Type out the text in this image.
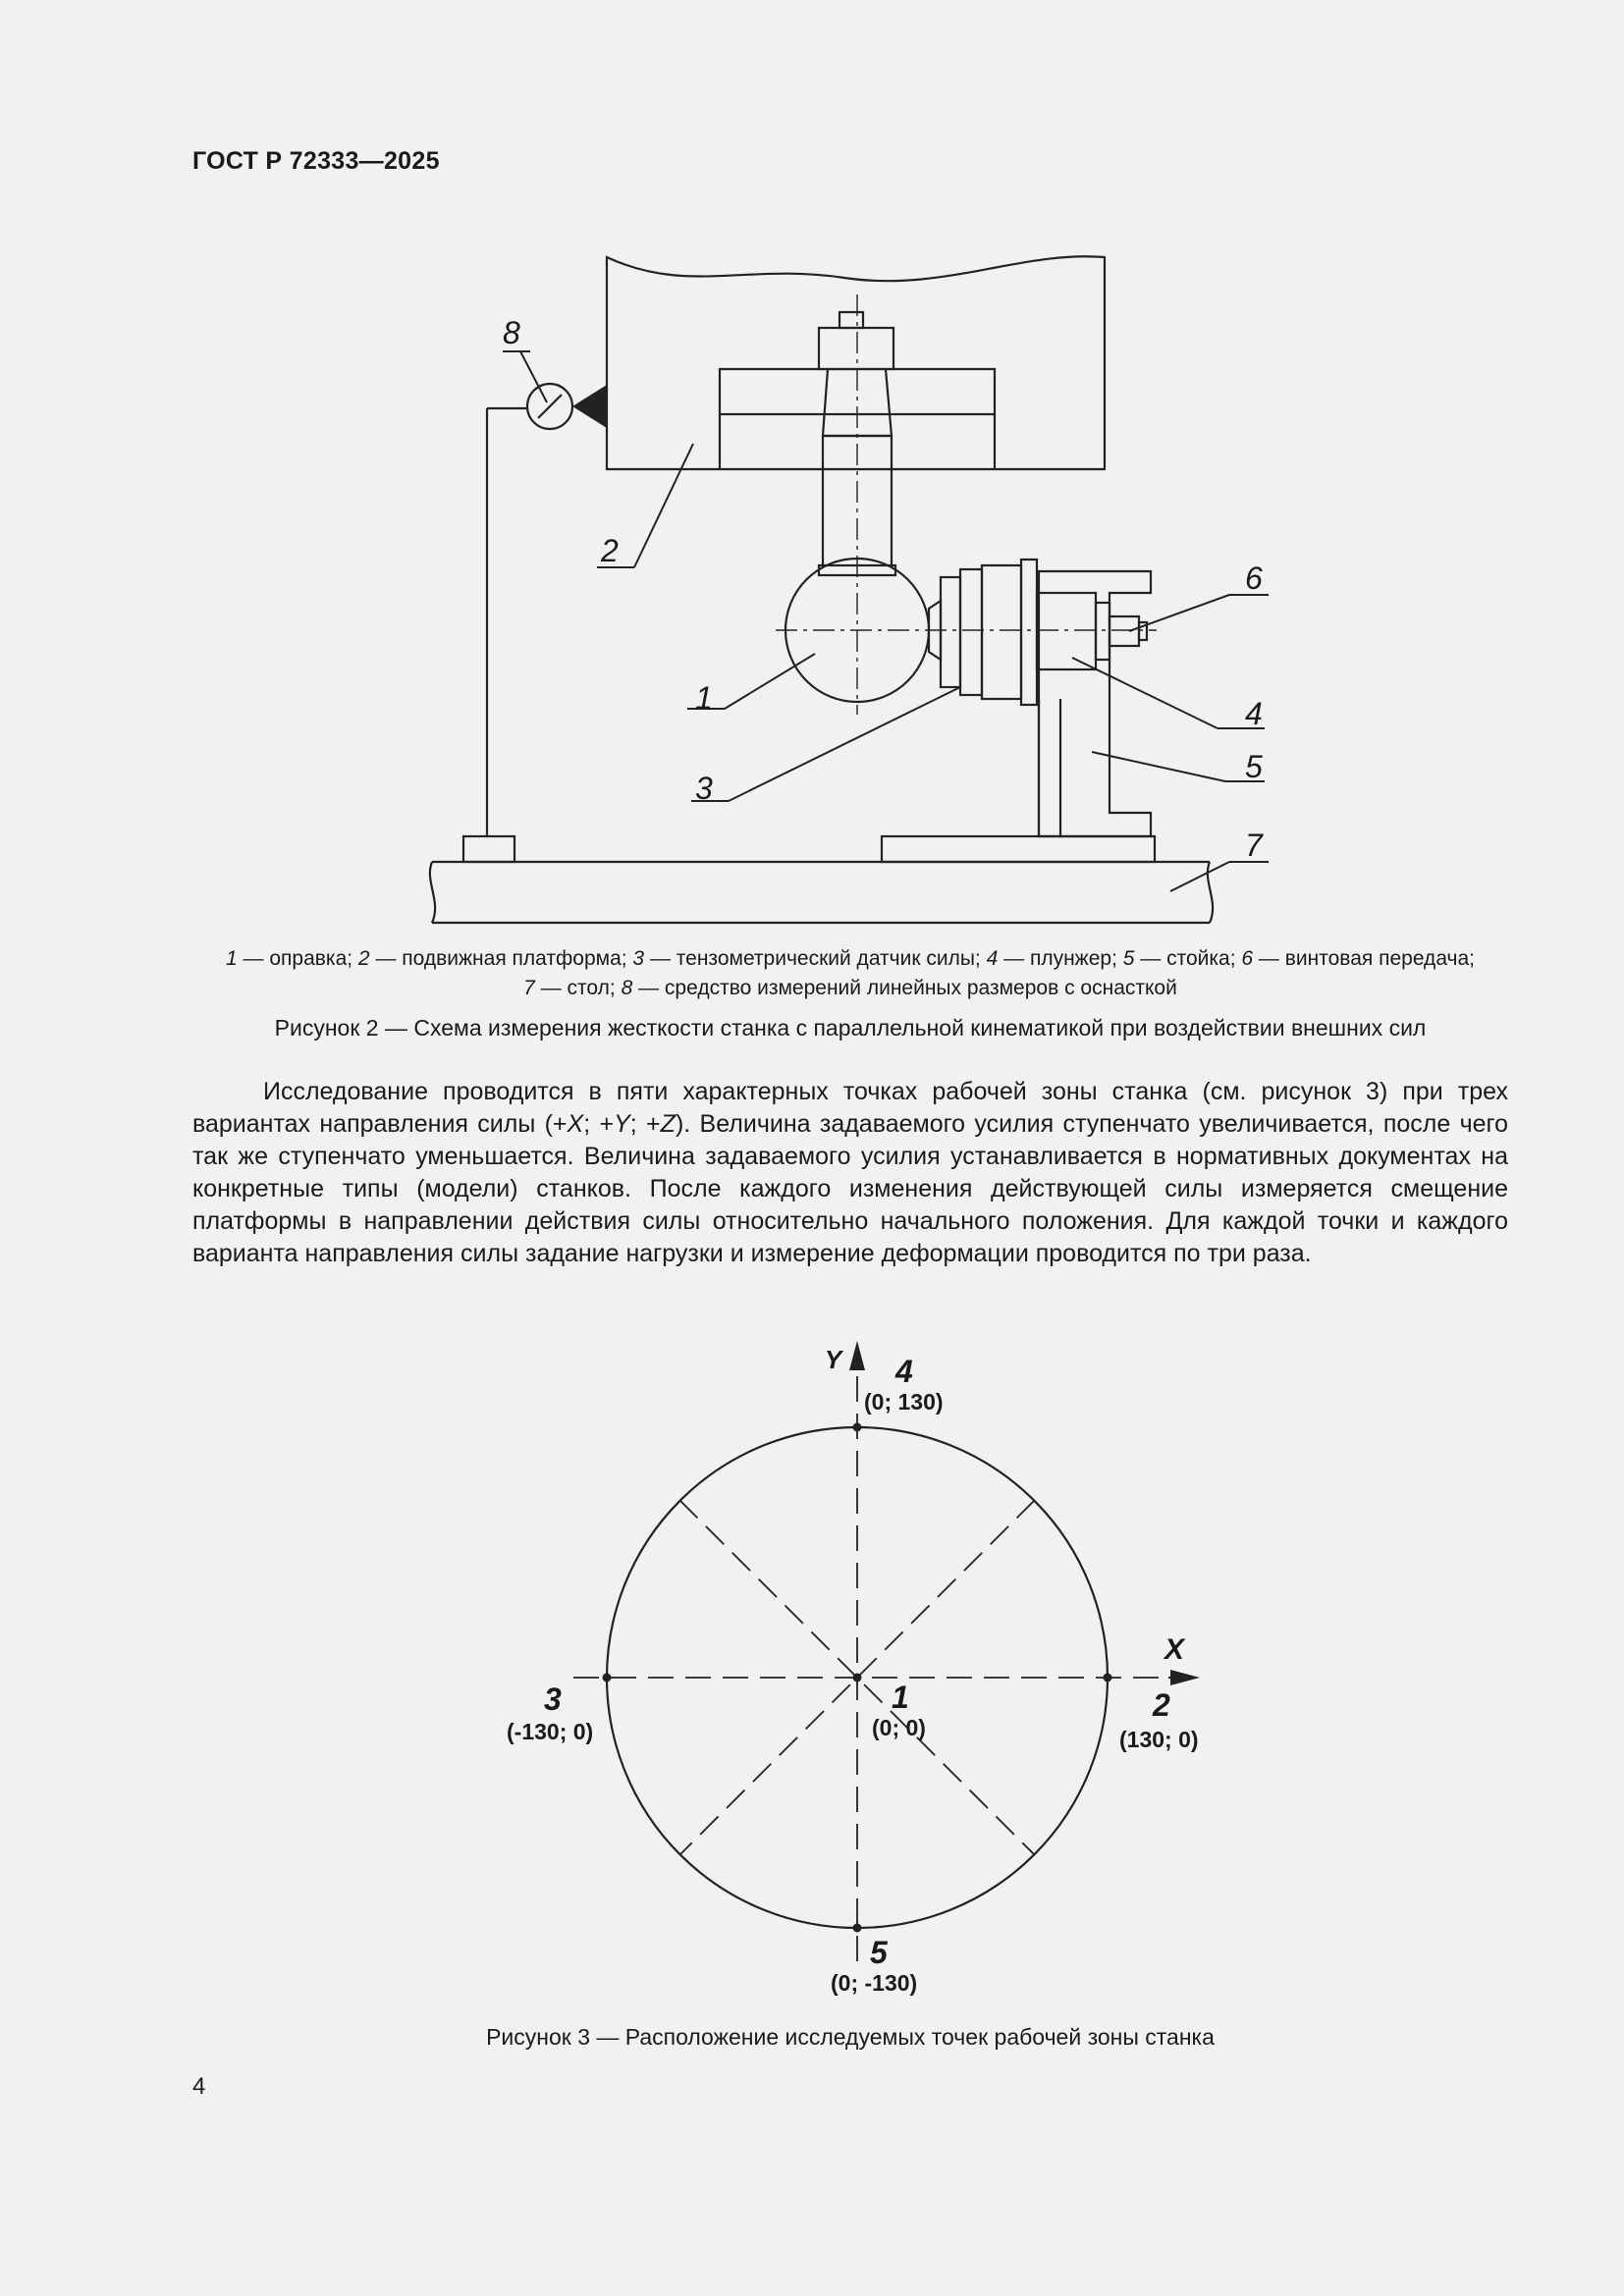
ГОСТ Р 72333—2025
1
2
3
4
5
6
7
8
1 — оправка; 2 — подвижная платформа; 3 — тензометрический датчик силы; 4 — плунжер; 5 — стойка; 6 — винтовая передача;
7 — стол; 8 — средство измерений линейных размеров с оснасткой
Рисунок 2 — Схема измерения жесткости станка с параллельной кинематикой при воздействии внешних сил

Исследование проводится в пяти характерных точках рабочей зоны станка (см. рисунок 3) при трех вариантах направления силы (+X; +Y; +Z). Величина задаваемого усилия ступенчато увеличивается, после чего так же ступенчато уменьшается. Величина задаваемого усилия устанавливается в нормативных документах на конкретные типы (модели) станков. После каждого изменения действующей силы измеряется смещение платформы в направлении действия силы относительно начального положения. Для каждой точки и каждого варианта направления силы задание нагрузки и измерение деформации проводится по три раза.

X
Y
1
(0; 0)
2
(130; 0)
3
(-130; 0)
4
(0; 130)
5
(0; -130)
Рисунок 3 — Расположение исследуемых точек рабочей зоны станка
4
